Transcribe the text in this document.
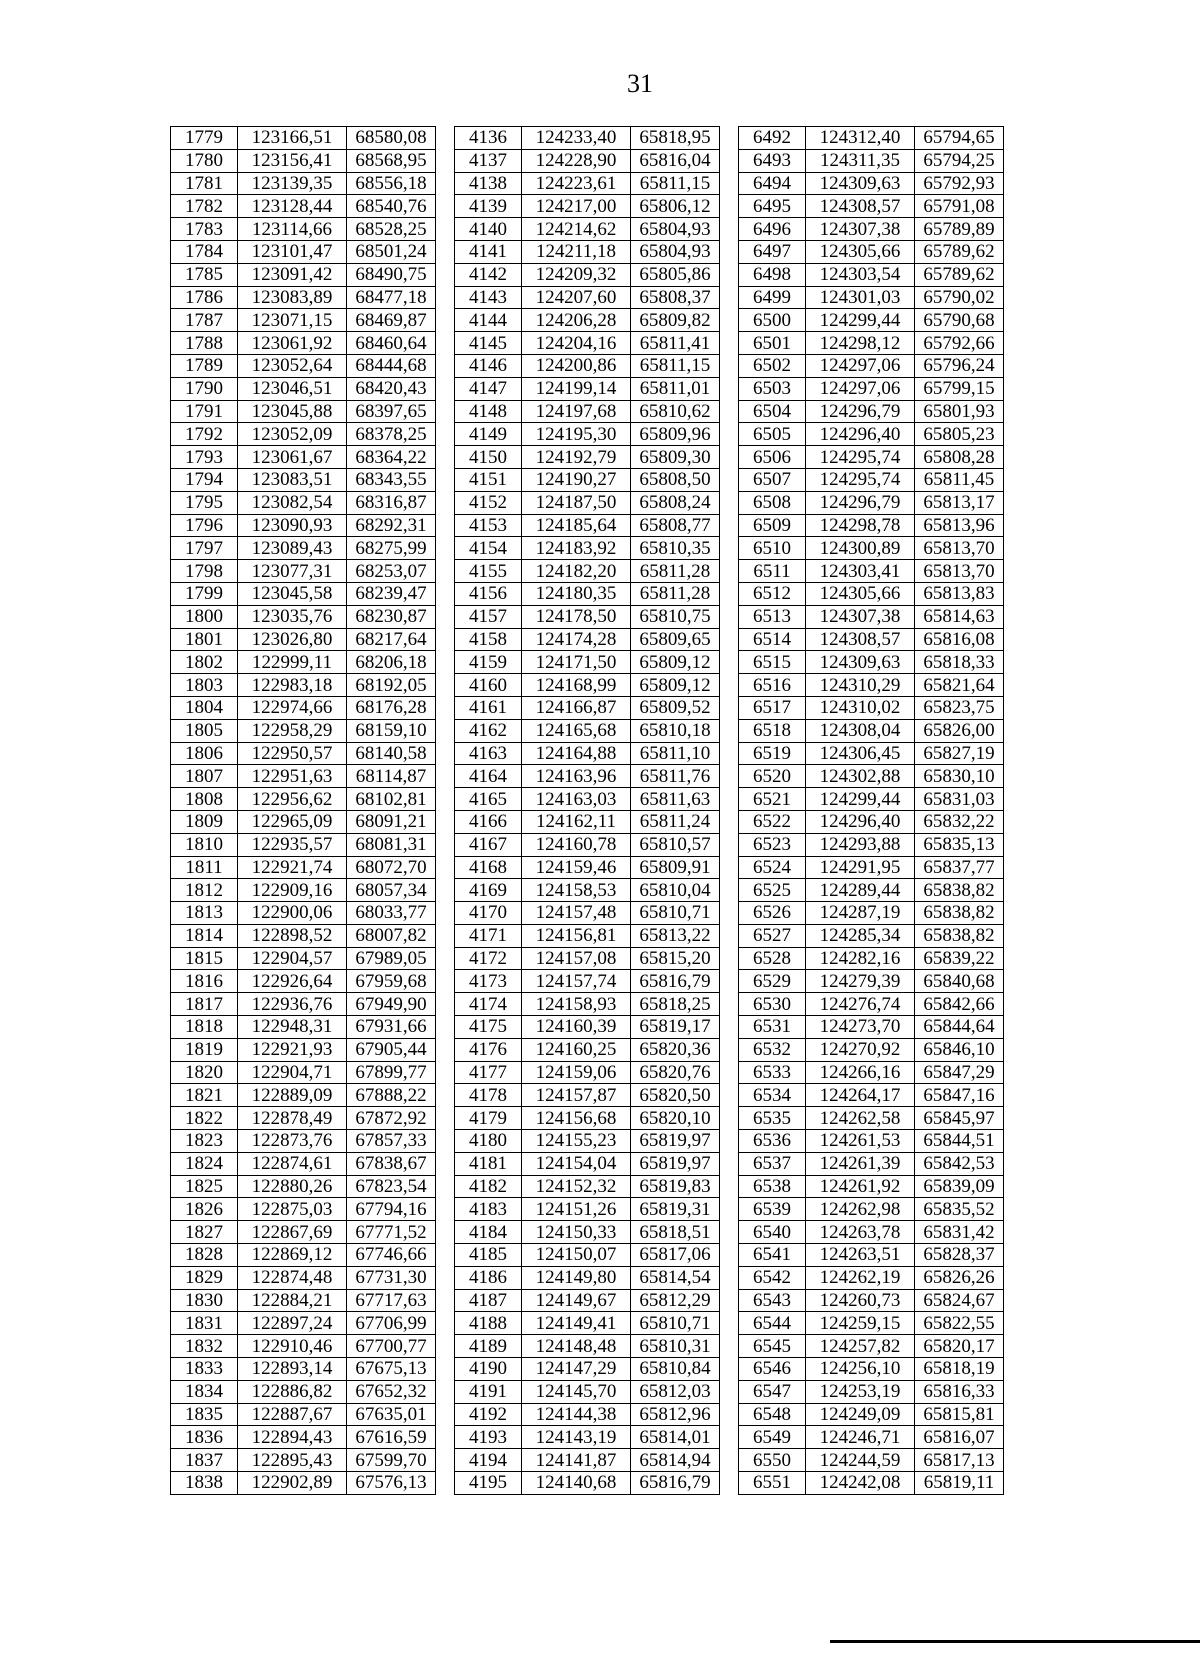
31
1779	123166,51	68580,08
1780	123156,41	68568,95
1781	123139,35	68556,18
1782	123128,44	68540,76
1783	123114,66	68528,25
1784	123101,47	68501,24
1785	123091,42	68490,75
1786	123083,89	68477,18
1787	123071,15	68469,87
1788	123061,92	68460,64
1789	123052,64	68444,68
1790	123046,51	68420,43
1791	123045,88	68397,65
1792	123052,09	68378,25
1793	123061,67	68364,22
1794	123083,51	68343,55
1795	123082,54	68316,87
1796	123090,93	68292,31
1797	123089,43	68275,99
1798	123077,31	68253,07
1799	123045,58	68239,47
1800	123035,76	68230,87
1801	123026,80	68217,64
1802	122999,11	68206,18
1803	122983,18	68192,05
1804	122974,66	68176,28
1805	122958,29	68159,10
1806	122950,57	68140,58
1807	122951,63	68114,87
1808	122956,62	68102,81
1809	122965,09	68091,21
1810	122935,57	68081,31
1811	122921,74	68072,70
1812	122909,16	68057,34
1813	122900,06	68033,77
1814	122898,52	68007,82
1815	122904,57	67989,05
1816	122926,64	67959,68
1817	122936,76	67949,90
1818	122948,31	67931,66
1819	122921,93	67905,44
1820	122904,71	67899,77
1821	122889,09	67888,22
1822	122878,49	67872,92
1823	122873,76	67857,33
1824	122874,61	67838,67
1825	122880,26	67823,54
1826	122875,03	67794,16
1827	122867,69	67771,52
1828	122869,12	67746,66
1829	122874,48	67731,30
1830	122884,21	67717,63
1831	122897,24	67706,99
1832	122910,46	67700,77
1833	122893,14	67675,13
1834	122886,82	67652,32
1835	122887,67	67635,01
1836	122894,43	67616,59
1837	122895,43	67599,70
1838	122902,89	67576,13
4136	124233,40	65818,95
4137	124228,90	65816,04
4138	124223,61	65811,15
4139	124217,00	65806,12
4140	124214,62	65804,93
4141	124211,18	65804,93
4142	124209,32	65805,86
4143	124207,60	65808,37
4144	124206,28	65809,82
4145	124204,16	65811,41
4146	124200,86	65811,15
4147	124199,14	65811,01
4148	124197,68	65810,62
4149	124195,30	65809,96
4150	124192,79	65809,30
4151	124190,27	65808,50
4152	124187,50	65808,24
4153	124185,64	65808,77
4154	124183,92	65810,35
4155	124182,20	65811,28
4156	124180,35	65811,28
4157	124178,50	65810,75
4158	124174,28	65809,65
4159	124171,50	65809,12
4160	124168,99	65809,12
4161	124166,87	65809,52
4162	124165,68	65810,18
4163	124164,88	65811,10
4164	124163,96	65811,76
4165	124163,03	65811,63
4166	124162,11	65811,24
4167	124160,78	65810,57
4168	124159,46	65809,91
4169	124158,53	65810,04
4170	124157,48	65810,71
4171	124156,81	65813,22
4172	124157,08	65815,20
4173	124157,74	65816,79
4174	124158,93	65818,25
4175	124160,39	65819,17
4176	124160,25	65820,36
4177	124159,06	65820,76
4178	124157,87	65820,50
4179	124156,68	65820,10
4180	124155,23	65819,97
4181	124154,04	65819,97
4182	124152,32	65819,83
4183	124151,26	65819,31
4184	124150,33	65818,51
4185	124150,07	65817,06
4186	124149,80	65814,54
4187	124149,67	65812,29
4188	124149,41	65810,71
4189	124148,48	65810,31
4190	124147,29	65810,84
4191	124145,70	65812,03
4192	124144,38	65812,96
4193	124143,19	65814,01
4194	124141,87	65814,94
4195	124140,68	65816,79
6492	124312,40	65794,65
6493	124311,35	65794,25
6494	124309,63	65792,93
6495	124308,57	65791,08
6496	124307,38	65789,89
6497	124305,66	65789,62
6498	124303,54	65789,62
6499	124301,03	65790,02
6500	124299,44	65790,68
6501	124298,12	65792,66
6502	124297,06	65796,24
6503	124297,06	65799,15
6504	124296,79	65801,93
6505	124296,40	65805,23
6506	124295,74	65808,28
6507	124295,74	65811,45
6508	124296,79	65813,17
6509	124298,78	65813,96
6510	124300,89	65813,70
6511	124303,41	65813,70
6512	124305,66	65813,83
6513	124307,38	65814,63
6514	124308,57	65816,08
6515	124309,63	65818,33
6516	124310,29	65821,64
6517	124310,02	65823,75
6518	124308,04	65826,00
6519	124306,45	65827,19
6520	124302,88	65830,10
6521	124299,44	65831,03
6522	124296,40	65832,22
6523	124293,88	65835,13
6524	124291,95	65837,77
6525	124289,44	65838,82
6526	124287,19	65838,82
6527	124285,34	65838,82
6528	124282,16	65839,22
6529	124279,39	65840,68
6530	124276,74	65842,66
6531	124273,70	65844,64
6532	124270,92	65846,10
6533	124266,16	65847,29
6534	124264,17	65847,16
6535	124262,58	65845,97
6536	124261,53	65844,51
6537	124261,39	65842,53
6538	124261,92	65839,09
6539	124262,98	65835,52
6540	124263,78	65831,42
6541	124263,51	65828,37
6542	124262,19	65826,26
6543	124260,73	65824,67
6544	124259,15	65822,55
6545	124257,82	65820,17
6546	124256,10	65818,19
6547	124253,19	65816,33
6548	124249,09	65815,81
6549	124246,71	65816,07
6550	124244,59	65817,13
6551	124242,08	65819,11
